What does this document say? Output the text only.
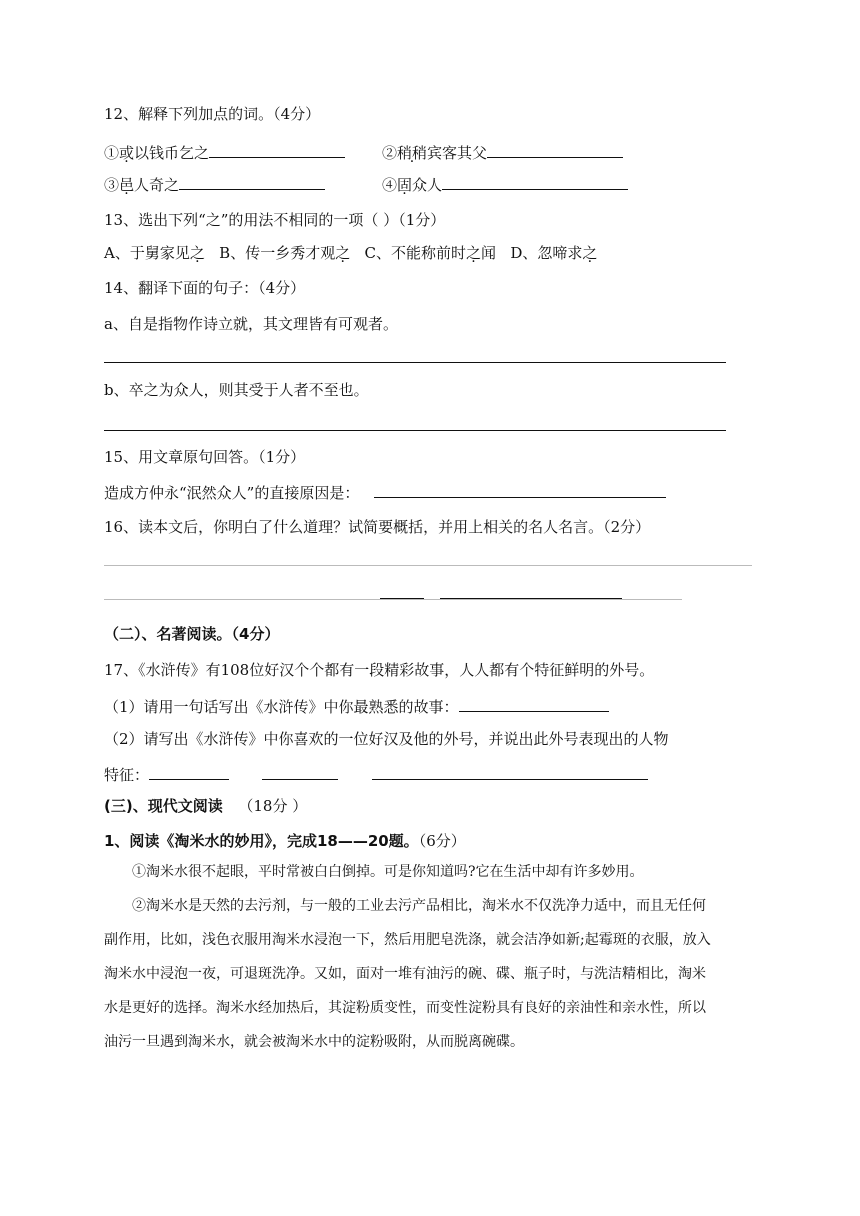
12、解释下列加点的词。（4分）
①或以钱币乞之	②稍稍宾客其父
③邑人奇之	④固众人
13、选出下列“之”的用法不相同的一项（ ）（1分）
A、于舅家见之 B、传一乡秀才观之 C、不能称前时之闻 D、忽啼求之
14、翻译下面的句子：（4分）
a、自是指物作诗立就，其文理皆有可观者。
b、卒之为众人，则其受于人者不至也。
15、用文章原句回答。（1分）
造成方仲永“泯然众人”的直接原因是：
16、读本文后，你明白了什么道理？试简要概括，并用上相关的名人名言。（2分）
（二）、名著阅读。（4分）
17、《水浒传》有108位好汉个个都有一段精彩故事，人人都有个特征鲜明的外号。
（1）请用一句话写出《水浒传》中你最熟悉的故事：
（2）请写出《水浒传》中你喜欢的一位好汉及他的外号，并说出此外号表现出的人物
特征：
(三)、现代文阅读 （18分 ）
1、阅读《淘米水的妙用》，完成18——20题。（6分）
①淘米水很不起眼，平时常被白白倒掉。可是你知道吗?它在生活中却有许多妙用。
②淘米水是天然的去污剂，与一般的工业去污产品相比，淘米水不仅洗净力适中，而且无任何
副作用，比如，浅色衣服用淘米水浸泡一下，然后用肥皂洗涤，就会洁净如新;起霉斑的衣服，放入
淘米水中浸泡一夜，可退斑洗净。又如，面对一堆有油污的碗、碟、瓶子时，与洗洁精相比，淘米
水是更好的选择。淘米水经加热后，其淀粉质变性，而变性淀粉具有良好的亲油性和亲水性，所以
油污一旦遇到淘米水，就会被淘米水中的淀粉吸附，从而脱离碗碟。
